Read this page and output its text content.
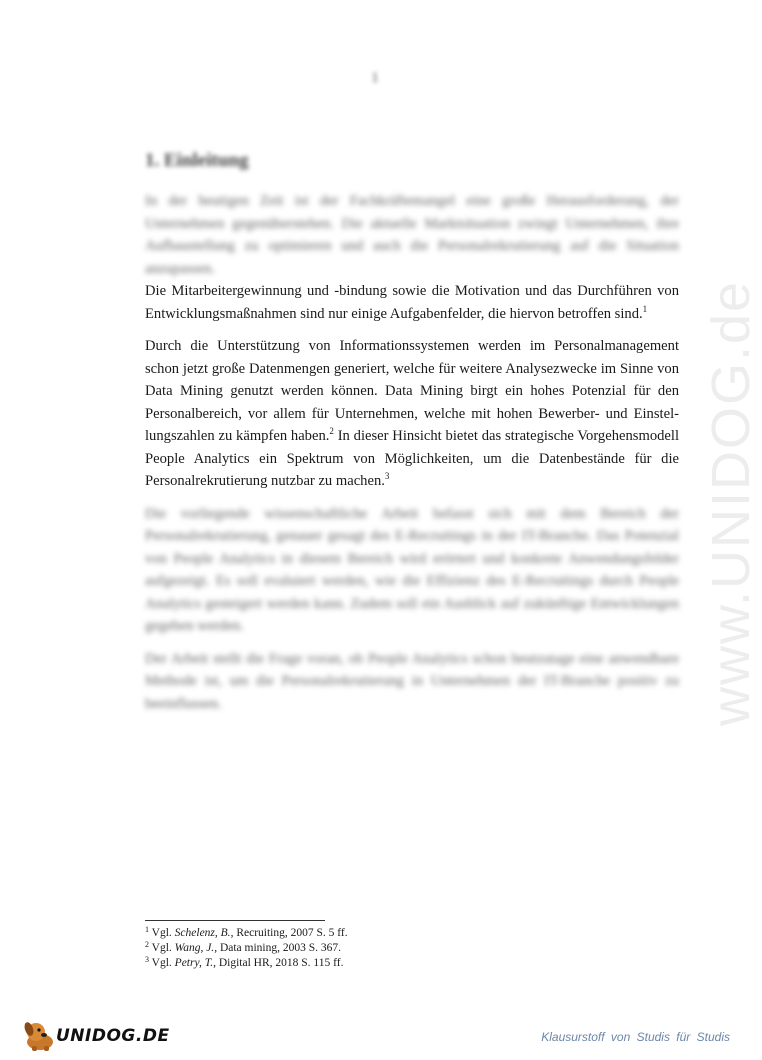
1
1. Einleitung

In der heutigen Zeit ist der Fachkräftemangel eine große Herausforderung, der Unternehmen gegenüberstehen. Die aktuelle Marktsituation zwingt Unternehmen, ihre Aufbaustellung zu optimieren und auch die Personalrekrutierung auf die Situation anzupassen.
Die Mitarbeitergewinnung und -bindung sowie die Motivation und das Durchführen von Entwicklungsmaßnahmen sind nur einige Aufgabenfelder, die hiervon betroffen sind.$^1$

Durch die Unterstützung von Informationssystemen werden im Personalmanagement schon jetzt große Datenmengen generiert, welche für weitere Analysezwecke im Sinne von Data Mining genutzt werden können. Data Mining birgt ein hohes Potenzial für den Personalbereich, vor allem für Unternehmen, welche mit hohen Bewerber- und Einstellungszahlen zu kämpfen haben.$^2$ In dieser Hinsicht bietet das strategische Vorgehensmodell People Analytics ein Spektrum von Möglichkeiten, um die Datenbestände für die Personalrekrutierung nutzbar zu machen.$^3$

Die vorliegende wissenschaftliche Arbeit befasst sich mit dem Bereich der Personalrekrutierung, genauer gesagt des E-Recruitings in der IT-Branche. Das Potenzial von People Analytics in diesem Bereich wird erörtert und konkrete Anwendungsfelder aufgezeigt. Es soll evaluiert werden, wie die Effizienz des E-Recruitings durch People Analytics gesteigert werden kann. Zudem soll ein Ausblick auf zukünftige Entwicklungen gegeben werden.

Der Arbeit stellt die Frage voran, ob People Analytics schon heutzutage eine anwendbare Methode ist, um die Personalrekrutierung in Unternehmen der IT-Branche positiv zu beeinflussen.	www.UNIDOG.de
$^1$ Vgl. Schelenz, B., Recruiting, 2007 S. 5 ff.
$^2$ Vgl. Wang, J., Data mining, 2003 S. 367.
$^3$ Vgl. Petry, T., Digital HR, 2018 S. 115 ff.
UNIDOG.DE	Klausurstoff von Studis für Studis
